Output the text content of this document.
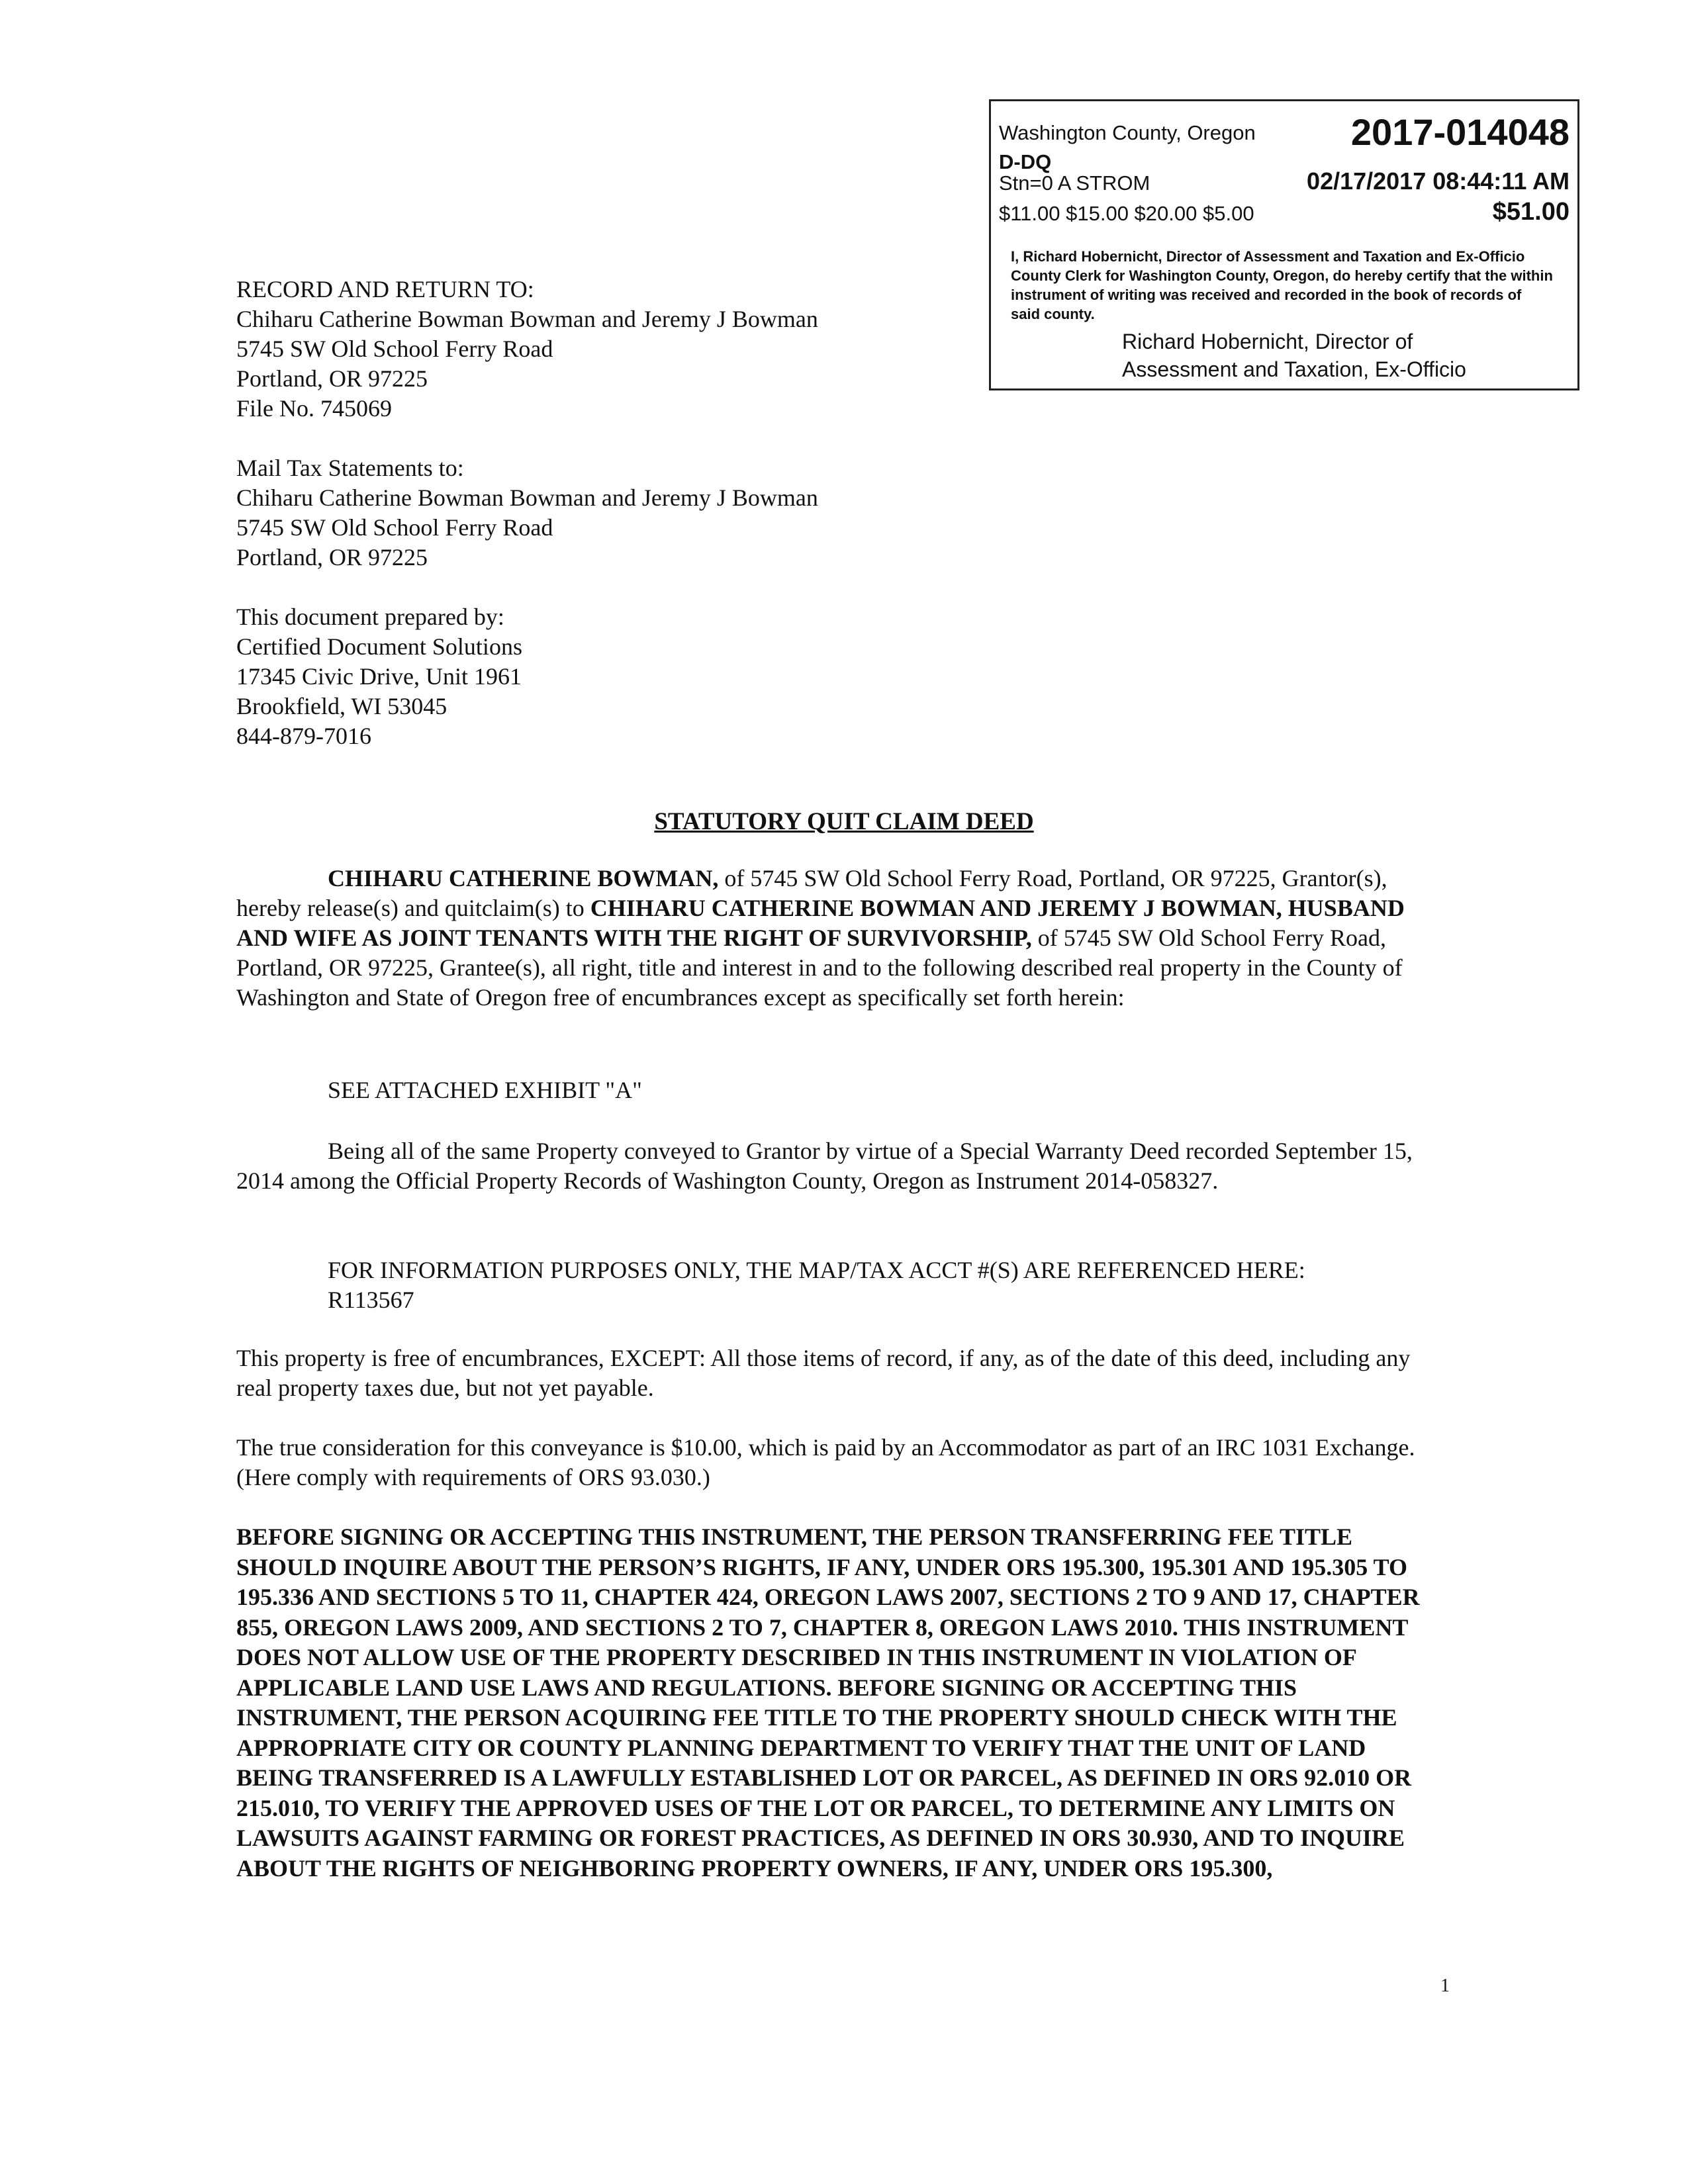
Washington County, Oregon	2017-014048
D-DQ
Stn=0 A STROM	02/17/2017 08:44:11 AM
$11.00 $15.00 $20.00 $5.00	$51.00
I, Richard Hobernicht, Director of Assessment and Taxation and Ex-Officio County Clerk for Washington County, Oregon, do hereby certify that the within instrument of writing was received and recorded in the book of records of said county.
Richard Hobernicht, Director of
Assessment and Taxation, Ex-Officio
RECORD AND RETURN TO:
Chiharu Catherine Bowman Bowman and Jeremy J Bowman
5745 SW Old School Ferry Road
Portland, OR 97225
File No. 745069
Mail Tax Statements to:
Chiharu Catherine Bowman Bowman and Jeremy J Bowman
5745 SW Old School Ferry Road
Portland, OR 97225
This document prepared by:
Certified Document Solutions
17345 Civic Drive, Unit 1961
Brookfield, WI 53045
844-879-7016
STATUTORY QUIT CLAIM DEED
CHIHARU CATHERINE BOWMAN, of 5745 SW Old School Ferry Road, Portland, OR 97225, Grantor(s), hereby release(s) and quitclaim(s) to CHIHARU CATHERINE BOWMAN AND JEREMY J BOWMAN, HUSBAND AND WIFE AS JOINT TENANTS WITH THE RIGHT OF SURVIVORSHIP, of 5745 SW Old School Ferry Road, Portland, OR 97225, Grantee(s), all right, title and interest in and to the following described real property in the County of Washington and State of Oregon free of encumbrances except as specifically set forth herein:
SEE ATTACHED EXHIBIT "A"
Being all of the same Property conveyed to Grantor by virtue of a Special Warranty Deed recorded September 15, 2014 among the Official Property Records of Washington County, Oregon as Instrument 2014-058327.
FOR INFORMATION PURPOSES ONLY, THE MAP/TAX ACCT #(S) ARE REFERENCED HERE:
R113567
This property is free of encumbrances, EXCEPT: All those items of record, if any, as of the date of this deed, including any real property taxes due, but not yet payable.
The true consideration for this conveyance is $10.00, which is paid by an Accommodator as part of an IRC 1031 Exchange. (Here comply with requirements of ORS 93.030.)
BEFORE SIGNING OR ACCEPTING THIS INSTRUMENT, THE PERSON TRANSFERRING FEE TITLE SHOULD INQUIRE ABOUT THE PERSON’S RIGHTS, IF ANY, UNDER ORS 195.300, 195.301 AND 195.305 TO 195.336 AND SECTIONS 5 TO 11, CHAPTER 424, OREGON LAWS 2007, SECTIONS 2 TO 9 AND 17, CHAPTER 855, OREGON LAWS 2009, AND SECTIONS 2 TO 7, CHAPTER 8, OREGON LAWS 2010. THIS INSTRUMENT DOES NOT ALLOW USE OF THE PROPERTY DESCRIBED IN THIS INSTRUMENT IN VIOLATION OF APPLICABLE LAND USE LAWS AND REGULATIONS. BEFORE SIGNING OR ACCEPTING THIS INSTRUMENT, THE PERSON ACQUIRING FEE TITLE TO THE PROPERTY SHOULD CHECK WITH THE APPROPRIATE CITY OR COUNTY PLANNING DEPARTMENT TO VERIFY THAT THE UNIT OF LAND BEING TRANSFERRED IS A LAWFULLY ESTABLISHED LOT OR PARCEL, AS DEFINED IN ORS 92.010 OR 215.010, TO VERIFY THE APPROVED USES OF THE LOT OR PARCEL, TO DETERMINE ANY LIMITS ON LAWSUITS AGAINST FARMING OR FOREST PRACTICES, AS DEFINED IN ORS 30.930, AND TO INQUIRE ABOUT THE RIGHTS OF NEIGHBORING PROPERTY OWNERS, IF ANY, UNDER ORS 195.300,
1
